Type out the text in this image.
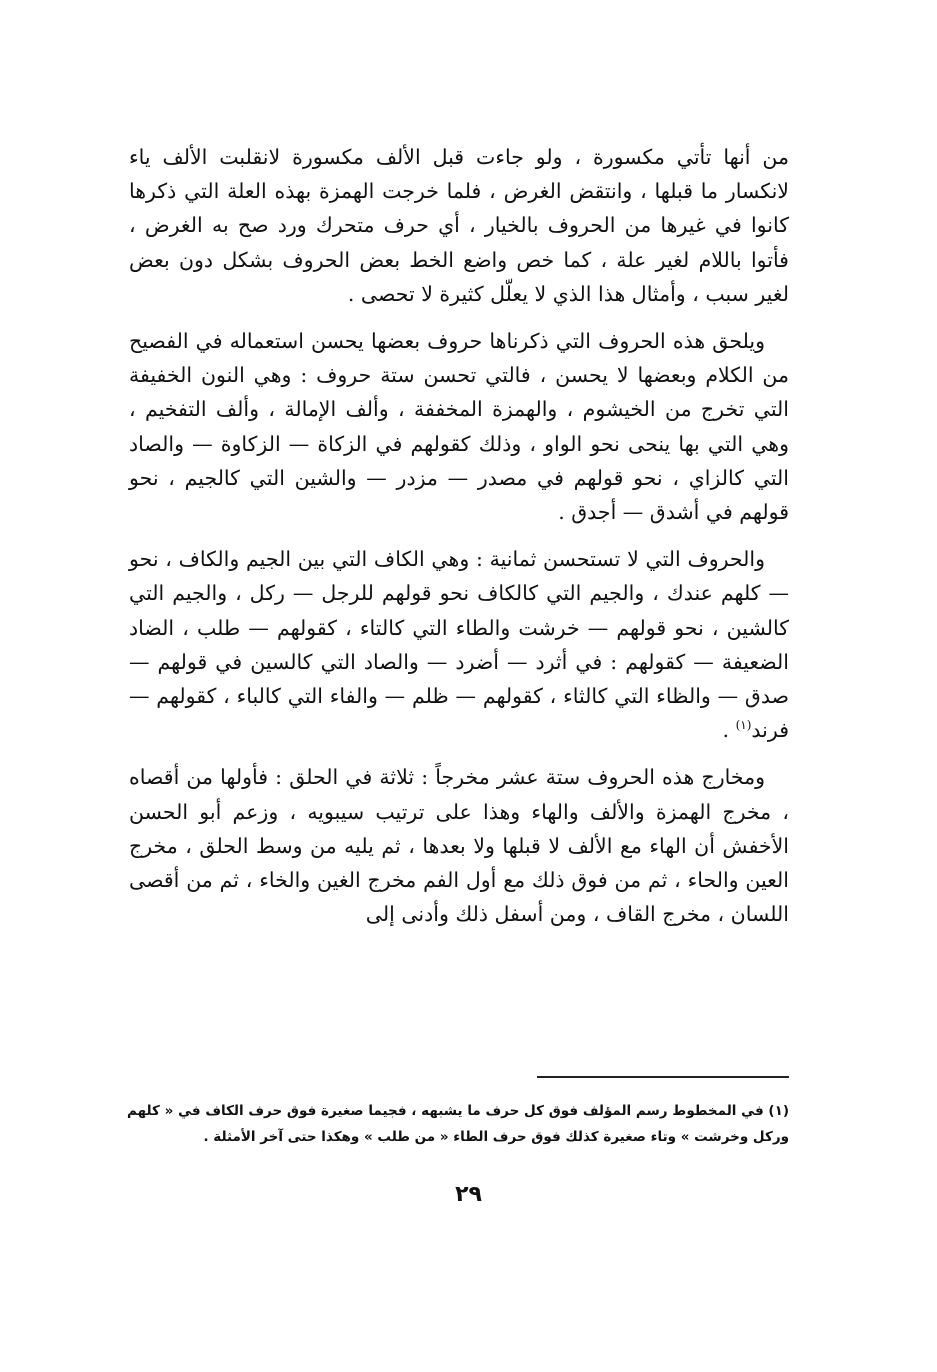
من أنها تأتي مكسورة ، ولو جاءت قبل الألف مكسورة لانقلبت الألف ياء لانكسار ما قبلها ، وانتقض الغرض ، فلما خرجت الهمزة بهذه العلة التي ذكرها كانوا في غيرها من الحروف بالخيار ، أي حرف متحرك ورد صح به الغرض ، فأتوا باللام لغير علة ، كما خص واضع الخط بعض الحروف بشكل دون بعض لغير سبب ، وأمثال هذا الذي لا يعلّل كثيرة لا تحصى .

ويلحق هذه الحروف التي ذكرناها حروف بعضها يحسن استعماله في الفصيح من الكلام وبعضها لا يحسن ، فالتي تحسن ستة حروف : وهي النون الخفيفة التي تخرج من الخيشوم ، والهمزة المخففة ، وألف الإمالة ، وألف التفخيم ، وهي التي بها ينحى نحو الواو ، وذلك كقولهم في الزكاة — الزكاوة — والصاد التي كالزاي ، نحو قولهم في مصدر — مزدر — والشين التي كالجيم ، نحو قولهم في أشدق — أجدق .

والحروف التي لا تستحسن ثمانية : وهي الكاف التي بين الجيم والكاف ، نحو — كلهم عندك ، والجيم التي كالكاف نحو قولهم للرجل — ركل ، والجيم التي كالشين ، نحو قولهم — خرشت والطاء التي كالتاء ، كقولهم — طلب ، الضاد الضعيفة — كقولهم : في أثرد — أضرد — والصاد التي كالسين في قولهم — صدق — والظاء التي كالثاء ، كقولهم — ظلم — والفاء التي كالباء ، كقولهم — فرند$^{(١)}$ .

ومخارج هذه الحروف ستة عشر مخرجاً : ثلاثة في الحلق : فأولها من أقصاه ، مخرج الهمزة والألف والهاء وهذا على ترتيب سيبويه ، وزعم أبو الحسن الأخفش أن الهاء مع الألف لا قبلها ولا بعدها ، ثم يليه من وسط الحلق ، مخرج العين والحاء ، ثم من فوق ذلك مع أول الفم مخرج الغين والخاء ، ثم من أقصى اللسان ، مخرج القاف ، ومن أسفل ذلك وأدنى إلى

(١) في المخطوط رسم المؤلف فوق كل حرف ما يشبهه ، فجيما صغيرة فوق حرف الكاف في « كلهم وركل وخرشت » وتاء صغيرة كذلك فوق حرف الطاء « من طلب » وهكذا حتى آخر الأمثلة .

٢٩
